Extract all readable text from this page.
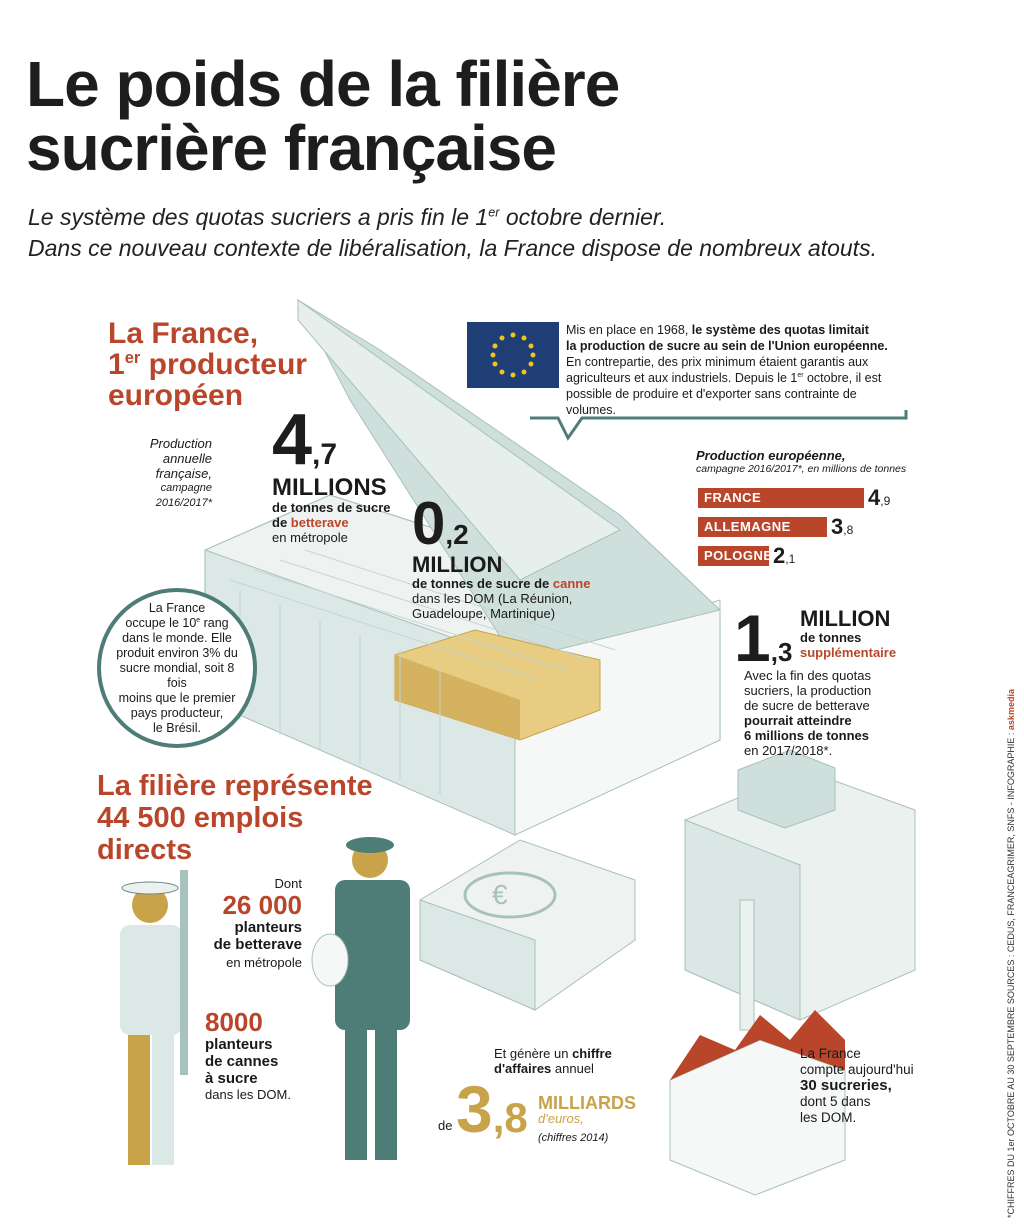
Le poids de la filière
sucrière française
Le système des quotas sucriers a pris fin le 1er octobre dernier.
Dans ce nouveau contexte de libéralisation, la France dispose de nombreux atouts.
€
La France,
1er producteur
européen
Production
annuelle
française,
campagne
2016/2017*
4,7
MILLIONS
de tonnes de sucre
de betterave
en métropole	0,2
MILLION
de tonnes de sucre de canne
dans les DOM (La Réunion,
Guadeloupe, Martinique)
Mis en place en 1968, le système des quotas limitait
la production de sucre au sein de l'Union européenne.
En contrepartie, des prix minimum étaient garantis aux
agriculteurs et aux industriels. Depuis le 1er octobre, il est
possible de produire et d'exporter sans contrainte de volumes.
Production européenne,
campagne 2016/2017*, en millions de tonnes
FRANCE	4,9
ALLEMAGNE	3,8
POLOGNE 2,1
1,3
MILLION
de tonnes
supplémentaire
Avec la fin des quotas
sucriers, la production
de sucre de betterave
pourrait atteindre
6 millions de tonnes
en 2017/2018*.
La France
occupe le 10e rang
dans le monde. Elle
produit environ 3% du
sucre mondial, soit 8 fois
moins que le premier
pays producteur,
le Brésil.
La filière représente
44 500 emplois
directs
Dont
26 000
planteurs
de betterave
en métropole
8000
planteurs
de cannes
à sucre
dans les DOM.
Et génère un chiffre
d'affaires annuel
de 3,8 MILLIARDS
d'euros,
(chiffres 2014)
La France
compte aujourd'hui
30 sucreries,
dont 5 dans
les DOM.	*CHIFFRES DU 1er OCTOBRE AU 30 SEPTEMBRE SOURCES : CEDUS, FRANCEAGRIMER, SNFS - INFOGRAPHIE : askmedia
